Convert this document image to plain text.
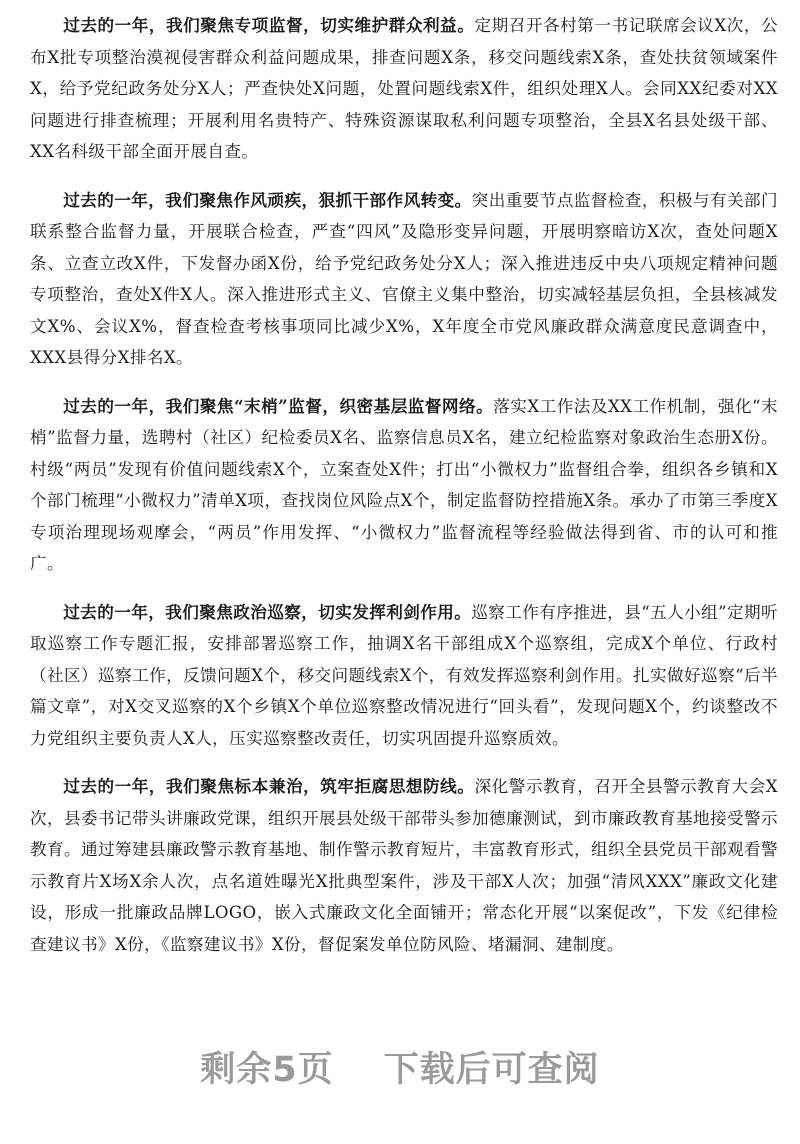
过去的一年，我们聚焦专项监督，切实维护群众利益。定期召开各村第一书记联席会议X次，公布X批专项整治漠视侵害群众利益问题成果，排查问题X条，移交问题线索X条，查处扶贫领域案件X，给予党纪政务处分X人；严查快处X问题，处置问题线索X件，组织处理X人。会同XX纪委对XX问题进行排查梳理；开展利用名贵特产、特殊资源谋取私利问题专项整治，全县X名县处级干部、XX名科级干部全面开展自查。

过去的一年，我们聚焦作风顽疾，狠抓干部作风转变。突出重要节点监督检查，积极与有关部门联系整合监督力量，开展联合检查，严查“四风”及隐形变异问题，开展明察暗访X次，查处问题X条、立查立改X件，下发督办函X份，给予党纪政务处分X人；深入推进违反中央八项规定精神问题专项整治，查处X件X人。深入推进形式主义、官僚主义集中整治，切实减轻基层负担，全县核减发文X%、会议X%，督查检查考核事项同比减少X%，X年度全市党风廉政群众满意度民意调查中，XXX县得分X排名X。

过去的一年，我们聚焦“末梢”监督，织密基层监督网络。落实X工作法及XX工作机制，强化“末梢”监督力量，选聘村（社区）纪检委员X名、监察信息员X名，建立纪检监察对象政治生态册X份。村级“两员”发现有价值问题线索X个，立案查处X件；打出“小微权力”监督组合拳，组织各乡镇和X个部门梳理“小微权力”清单X项，查找岗位风险点X个，制定监督防控措施X条。承办了市第三季度X专项治理现场观摩会，“两员”作用发挥、“小微权力”监督流程等经验做法得到省、市的认可和推广。

过去的一年，我们聚焦政治巡察，切实发挥利剑作用。巡察工作有序推进，县“五人小组”定期听取巡察工作专题汇报，安排部署巡察工作，抽调X名干部组成X个巡察组，完成X个单位、行政村（社区）巡察工作，反馈问题X个，移交问题线索X个，有效发挥巡察利剑作用。扎实做好巡察“后半篇文章”，对X交叉巡察的X个乡镇X个单位巡察整改情况进行“回头看”，发现问题X个，约谈整改不力党组织主要负责人X人，压实巡察整改责任，切实巩固提升巡察质效。

过去的一年，我们聚焦标本兼治，筑牢拒腐思想防线。深化警示教育，召开全县警示教育大会X次，县委书记带头讲廉政党课，组织开展县处级干部带头参加德廉测试，到市廉政教育基地接受警示教育。通过筹建县廉政警示教育基地、制作警示教育短片，丰富教育形式，组织全县党员干部观看警示教育片X场X余人次，点名道姓曝光X批典型案件，涉及干部X人次；加强“清风XXX”廉政文化建设，形成一批廉政品牌LOGO，嵌入式廉政文化全面铺开；常态化开展“以案促改”，下发《纪律检查建议书》X份，《监察建议书》X份，督促案发单位防风险、堵漏洞、建制度。

剩余5页 下载后可查阅
